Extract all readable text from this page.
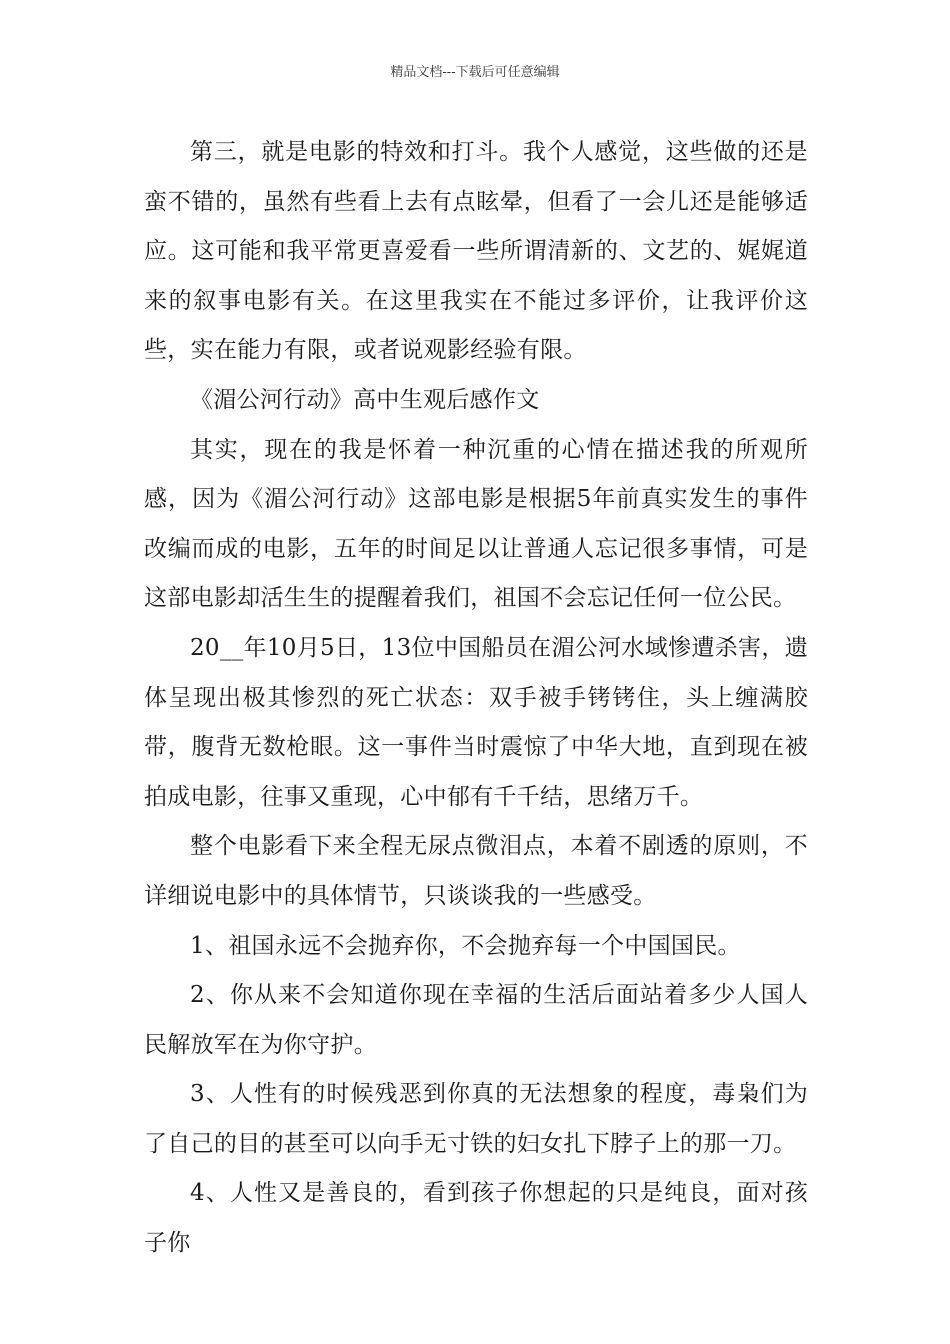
精品文档---下载后可任意编辑

第三，就是电影的特效和打斗。我个人感觉，这些做的还是蛮不错的，虽然有些看上去有点眩晕，但看了一会儿还是能够适应。这可能和我平常更喜爱看一些所谓清新的、文艺的、娓娓道来的叙事电影有关。在这里我实在不能过多评价，让我评价这些，实在能力有限，或者说观影经验有限。

《湄公河行动》高中生观后感作文

其实，现在的我是怀着一种沉重的心情在描述我的所观所感，因为《湄公河行动》这部电影是根据5年前真实发生的事件改编而成的电影，五年的时间足以让普通人忘记很多事情，可是这部电影却活生生的提醒着我们，祖国不会忘记任何一位公民。

20__年10月5日，13位中国船员在湄公河水域惨遭杀害，遗体呈现出极其惨烈的死亡状态：双手被手铐铐住，头上缠满胶带，腹背无数枪眼。这一事件当时震惊了中华大地，直到现在被拍成电影，往事又重现，心中郁有千千结，思绪万千。

整个电影看下来全程无尿点微泪点，本着不剧透的原则，不详细说电影中的具体情节，只谈谈我的一些感受。

1、祖国永远不会抛弃你，不会抛弃每一个中国国民。

2、你从来不会知道你现在幸福的生活后面站着多少人国人民解放军在为你守护。

3、人性有的时候残恶到你真的无法想象的程度，毒枭们为了自己的目的甚至可以向手无寸铁的妇女扎下脖子上的那一刀。

4、人性又是善良的，看到孩子你想起的只是纯良，面对孩子你
